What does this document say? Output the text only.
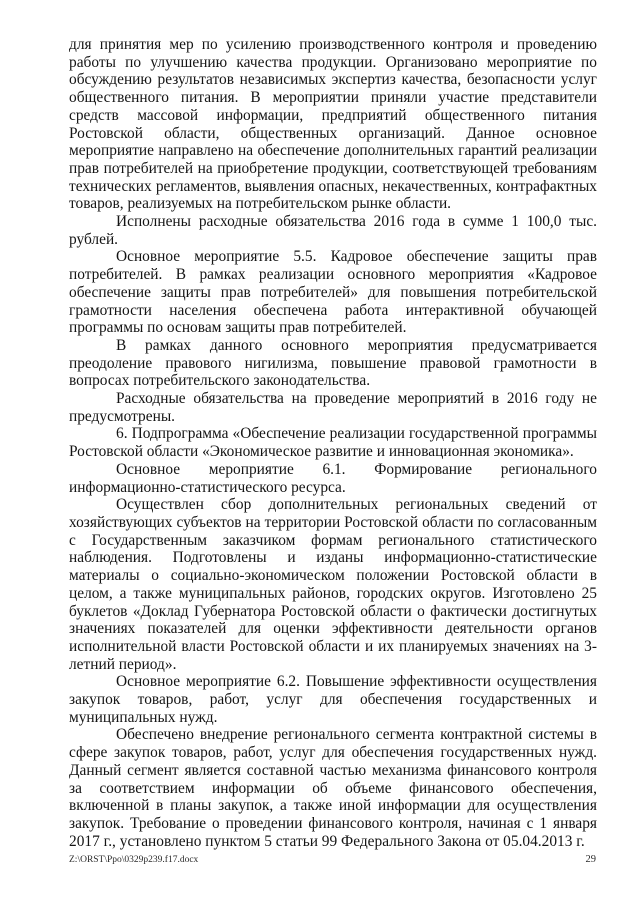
для принятия мер по усилению производственного контроля и проведению работы по улучшению качества продукции. Организовано мероприятие по обсуждению результатов независимых экспертиз качества, безопасности услуг общественного питания. В мероприятии приняли участие представители средств массовой информации, предприятий общественного питания Ростовской области, общественных организаций. Данное основное мероприятие направлено на обеспечение дополнительных гарантий реализации прав потребителей на приобретение продукции, соответствующей требованиям технических регламентов, выявления опасных, некачественных, контрафактных товаров, реализуемых на потребительском рынке области.

Исполнены расходные обязательства 2016 года в сумме 1 100,0 тыс. рублей.

Основное мероприятие 5.5. Кадровое обеспечение защиты прав потребителей. В рамках реализации основного мероприятия «Кадровое обеспечение защиты прав потребителей» для повышения потребительской грамотности населения обеспечена работа интерактивной обучающей программы по основам защиты прав потребителей.

В рамках данного основного мероприятия предусматривается преодоление правового нигилизма, повышение правовой грамотности в вопросах потребительского законодательства.

Расходные обязательства на проведение мероприятий в 2016 году не предусмотрены.

6. Подпрограмма «Обеспечение реализации государственной программы Ростовской области «Экономическое развитие и инновационная экономика».

Основное мероприятие 6.1. Формирование регионального информационно-статистического ресурса.

Осуществлен сбор дополнительных региональных сведений от хозяйствующих субъектов на территории Ростовской области по согласованным с Государственным заказчиком формам регионального статистического наблюдения. Подготовлены и изданы информационно-статистические материалы о социально-экономическом положении Ростовской области в целом, а также муниципальных районов, городских округов. Изготовлено 25 буклетов «Доклад Губернатора Ростовской области о фактически достигнутых значениях показателей для оценки эффективности деятельности органов исполнительной власти Ростовской области и их планируемых значениях на 3-летний период».

Основное мероприятие 6.2. Повышение эффективности осуществления закупок товаров, работ, услуг для обеспечения государственных и муниципальных нужд.

Обеспечено внедрение регионального сегмента контрактной системы в сфере закупок товаров, работ, услуг для обеспечения государственных нужд. Данный сегмент является составной частью механизма финансового контроля за соответствием информации об объеме финансового обеспечения, включенной в планы закупок, а также иной информации для осуществления закупок. Требование о проведении финансового контроля, начиная с 1 января 2017 г., установлено пунктом 5 статьи 99 Федерального Закона от 05.04.2013 г.

Z:\ORST\Ppo\0329p239.f17.docx	29
